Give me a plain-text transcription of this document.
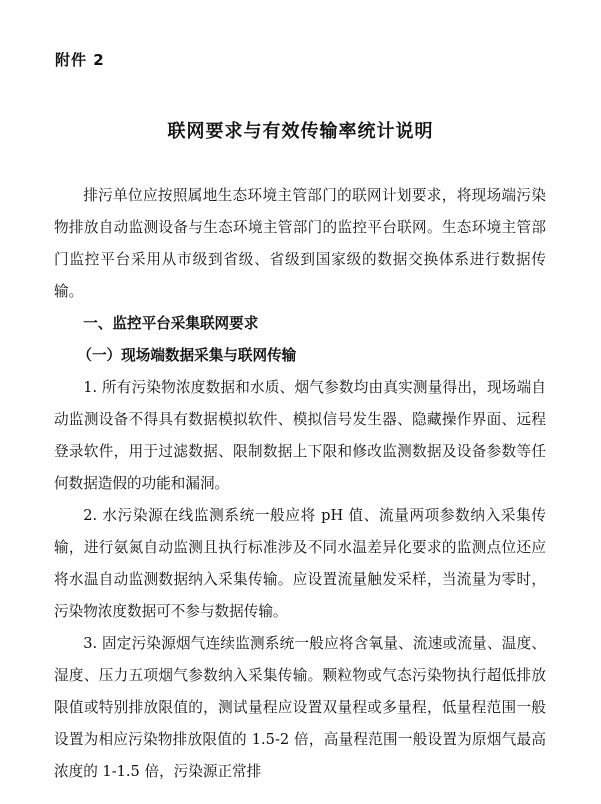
附件 2
联网要求与有效传输率统计说明

排污单位应按照属地生态环境主管部门的联网计划要求，将现场端污染物排放自动监测设备与生态环境主管部门的监控平台联网。生态环境主管部门监控平台采用从市级到省级、省级到国家级的数据交换体系进行数据传输。

一、监控平台采集联网要求

（一）现场端数据采集与联网传输

1. 所有污染物浓度数据和水质、烟气参数均由真实测量得出，现场端自动监测设备不得具有数据模拟软件、模拟信号发生器、隐藏操作界面、远程登录软件，用于过滤数据、限制数据上下限和修改监测数据及设备参数等任何数据造假的功能和漏洞。

2. 水污染源在线监测系统一般应将 pH 值、流量两项参数纳入采集传输，进行氨氮自动监测且执行标准涉及不同水温差异化要求的监测点位还应将水温自动监测数据纳入采集传输。应设置流量触发采样，当流量为零时，污染物浓度数据可不参与数据传输。

3. 固定污染源烟气连续监测系统一般应将含氧量、流速或流量、温度、湿度、压力五项烟气参数纳入采集传输。颗粒物或气态污染物执行超低排放限值或特别排放限值的，测试量程应设置双量程或多量程，低量程范围一般设置为相应污染物排放限值的 1.5-2 倍，高量程范围一般设置为原烟气最高浓度的 1-1.5 倍，污染源正常排
